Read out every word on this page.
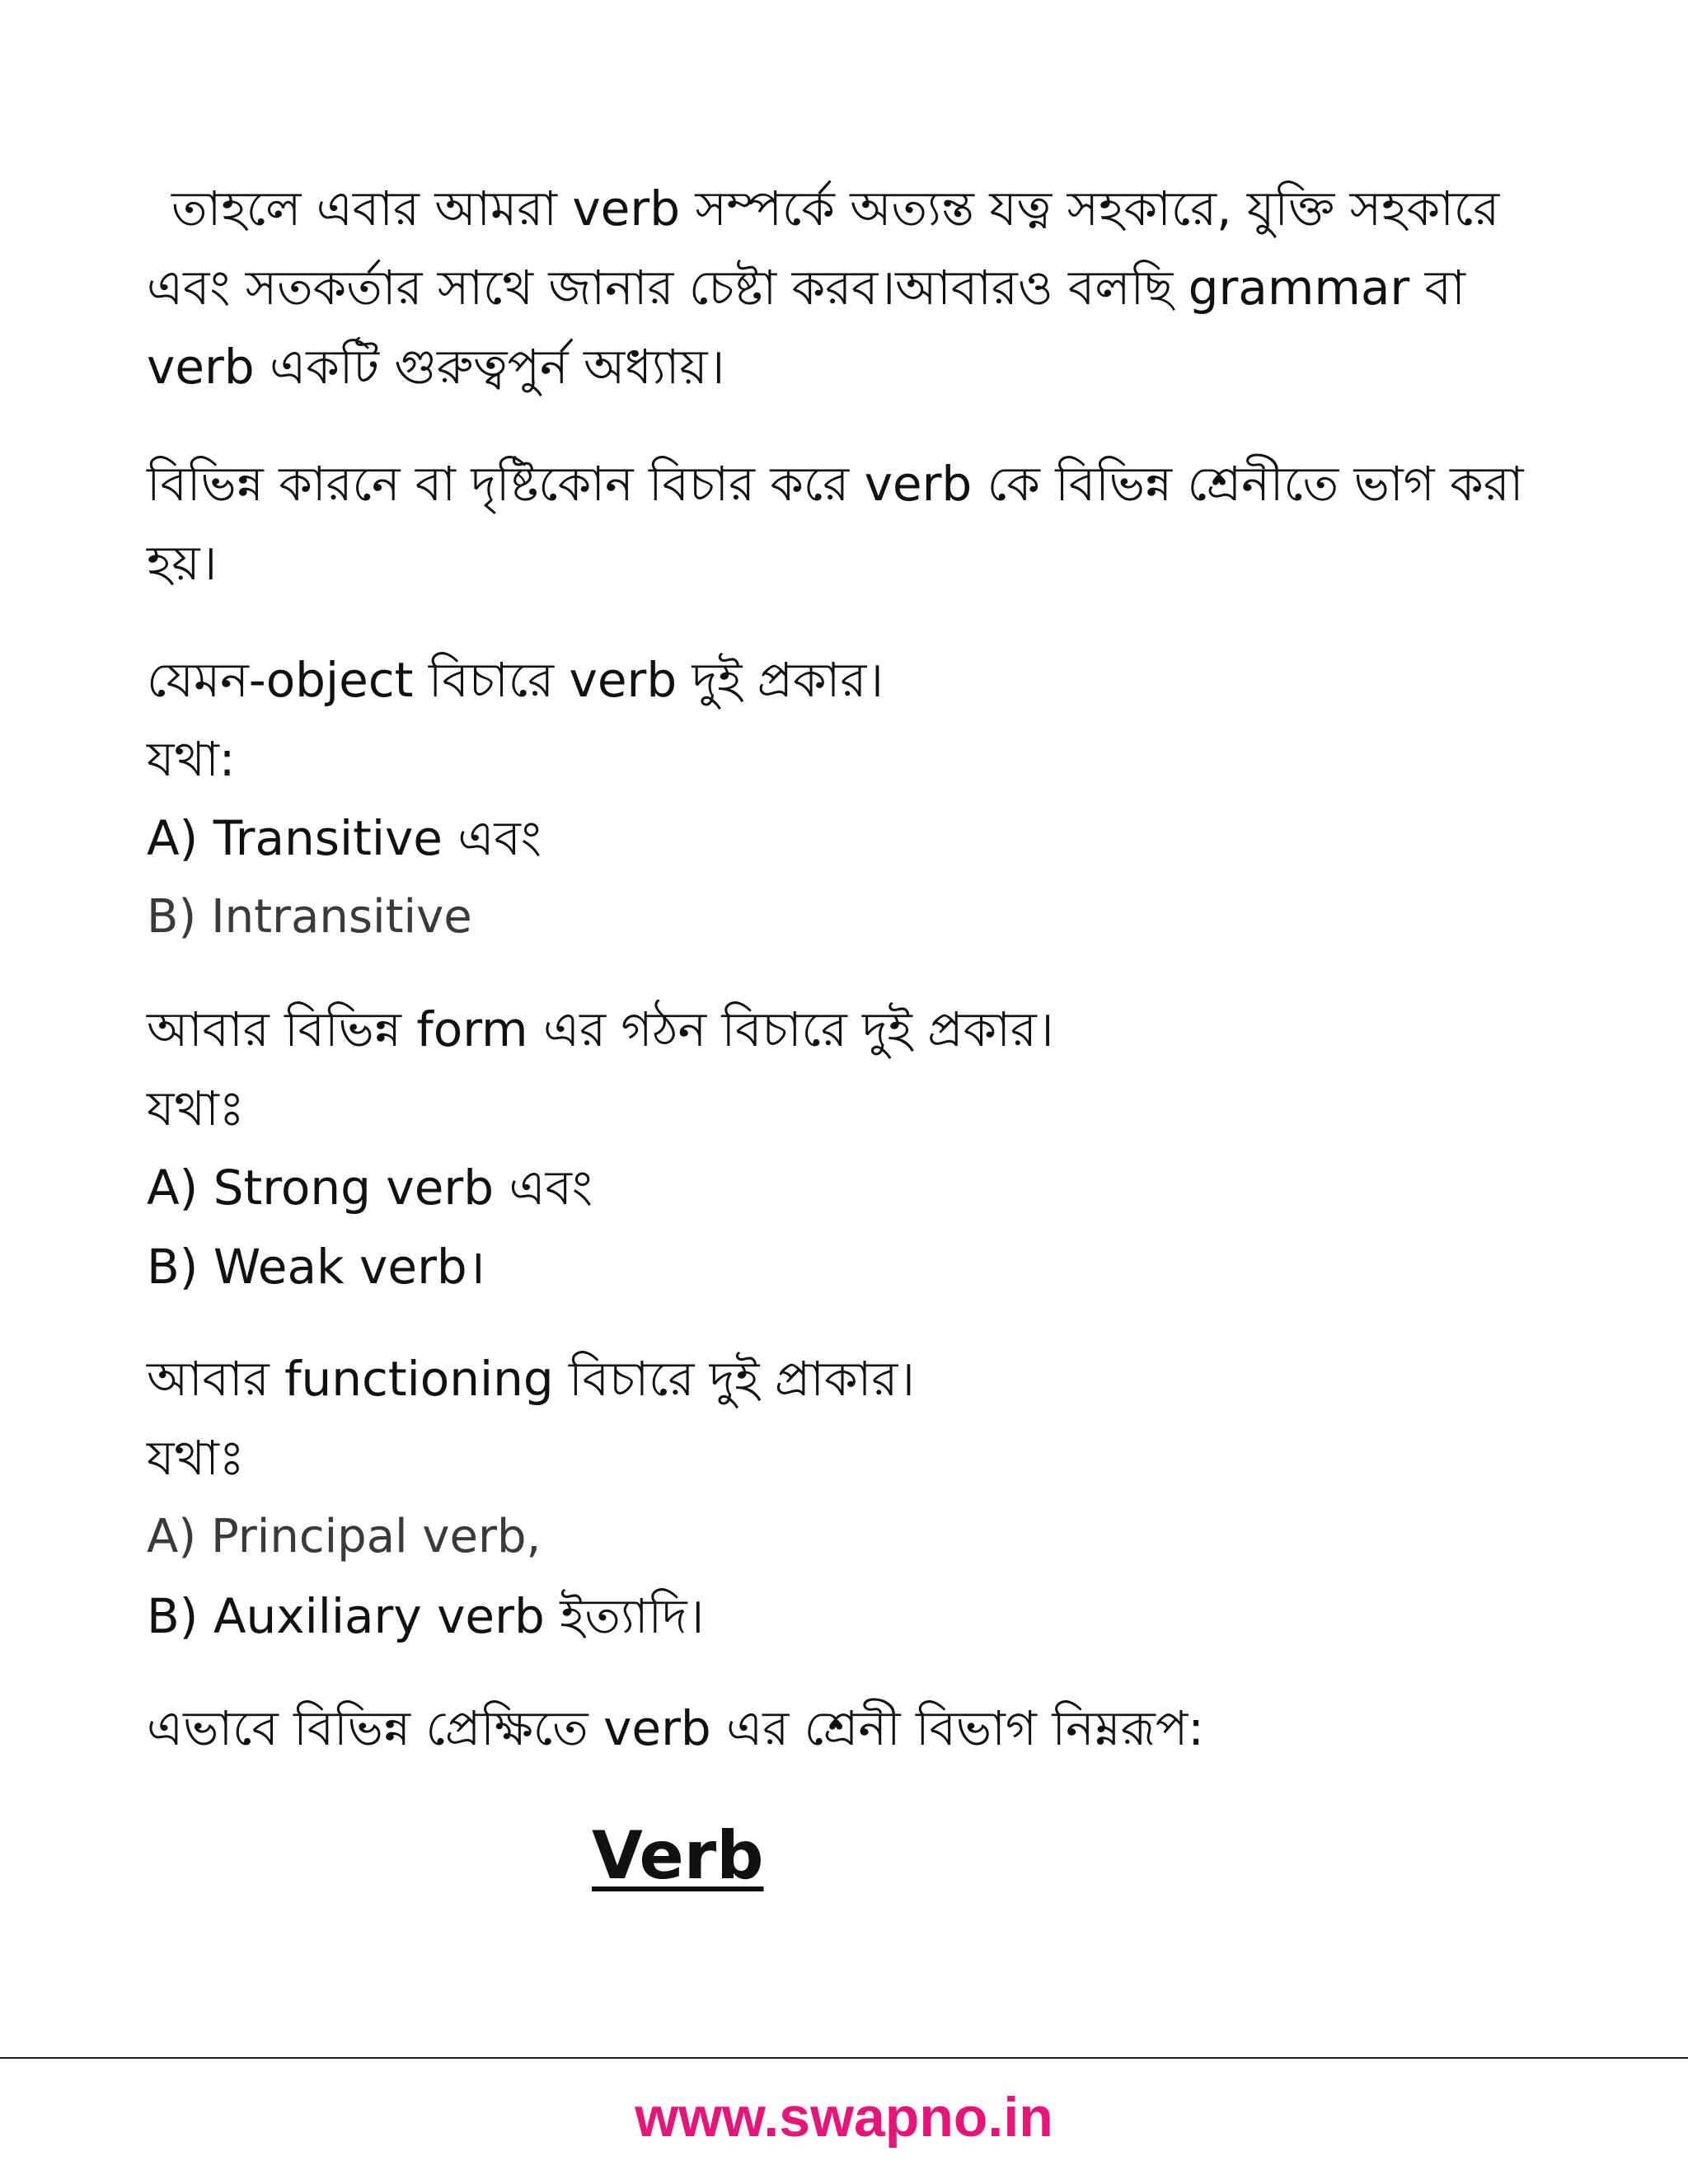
তাহলে এবার আমরা verb সম্পর্কে অত্যন্ত যত্ন সহকারে, যুক্তি সহকারে এবং সতকর্তার সাথে জানার চেষ্টা করব।আবারও বলছি grammar বা verb একটি গুরুত্বপুর্ন অধ্যায়।

বিভিন্ন কারনে বা দৃষ্টিকোন বিচার করে verb কে বিভিন্ন শ্রেনীতে ভাগ করা হয়।

যেমন-object বিচারে verb দুই প্রকার।

যথা:

A) Transitive এবং

B) Intransitive

আবার বিভিন্ন form এর গঠন বিচারে দুই প্রকার।

যথাঃ

A) Strong verb এবং

B) Weak verb।

আবার functioning বিচারে দুই প্রাকার।

যথাঃ

A) Principal verb,

B) Auxiliary verb ইত্যাদি।

এভাবে বিভিন্ন প্রেক্ষিতে verb এর শ্রেনী বিভাগ নিম্নরূপ:

Verb

www.swapno.in
